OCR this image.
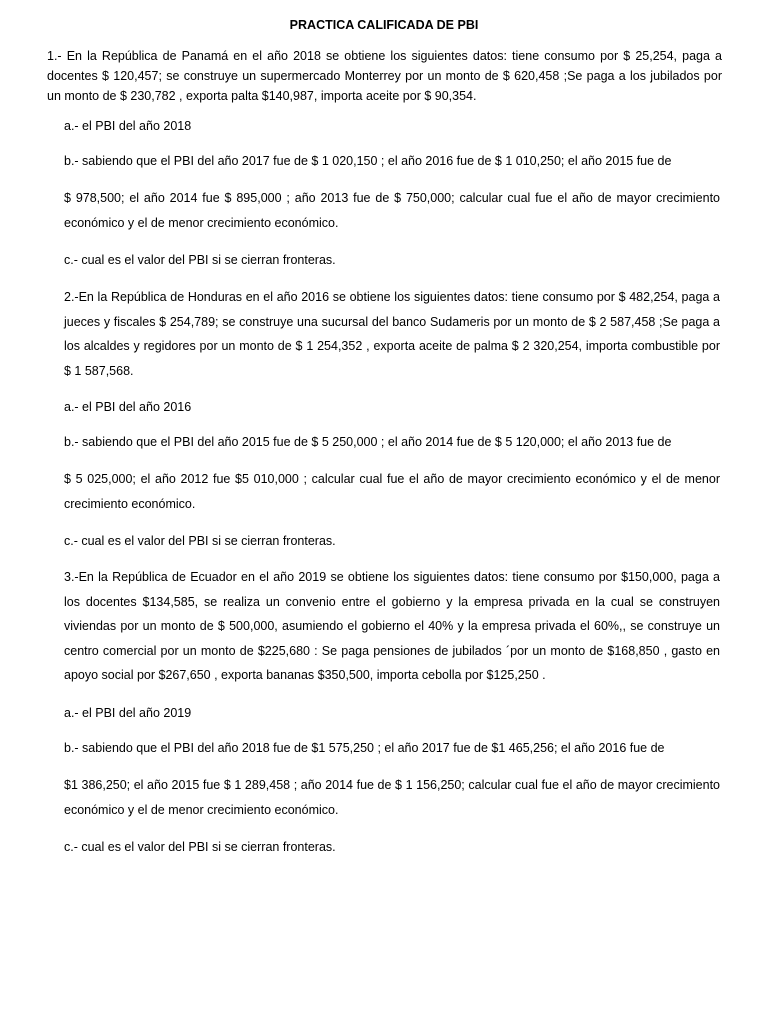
PRACTICA CALIFICADA DE PBI

1.- En la República de Panamá en el año 2018 se obtiene los siguientes datos: tiene consumo por $ 25,254, paga a docentes $ 120,457; se construye un supermercado Monterrey por un monto de $ 620,458 ;Se paga a los jubilados por un monto de $ 230,782 , exporta palta $140,987, importa aceite por $ 90,354.

a.- el PBI del año 2018
b.- sabiendo que el PBI del año 2017 fue de $ 1 020,150 ; el año 2016 fue de $ 1 010,250; el año 2015 fue de

$ 978,500; el año 2014 fue $ 895,000 ; año 2013 fue de $ 750,000; calcular cual fue el año de mayor crecimiento económico y el de menor crecimiento económico.

c.- cual es el valor del PBI si se cierran fronteras.

2.-En la República de Honduras en el año 2016 se obtiene los siguientes datos: tiene consumo por $ 482,254, paga a jueces y fiscales $ 254,789; se construye una sucursal del banco Sudameris por un monto de $ 2 587,458 ;Se paga a los alcaldes y regidores por un monto de $ 1 254,352 , exporta aceite de palma $ 2 320,254, importa combustible por $ 1 587,568.

a.- el PBI del año 2016
b.- sabiendo que el PBI del año 2015 fue de $ 5 250,000 ; el año 2014 fue de $ 5 120,000; el año 2013 fue de

$ 5 025,000; el año 2012 fue $5 010,000 ; calcular cual fue el año de mayor crecimiento económico y el de menor crecimiento económico.

c.- cual es el valor del PBI si se cierran fronteras.

3.-En la República de Ecuador en el año 2019 se obtiene los siguientes datos: tiene consumo por $150,000, paga a los docentes $134,585, se realiza un convenio entre el gobierno y la empresa privada en la cual se construyen viviendas por un monto de $ 500,000, asumiendo el gobierno el 40% y la empresa privada el 60%,, se construye un centro comercial por un monto de $225,680 : Se paga pensiones de jubilados ´por un monto de $168,850 , gasto en apoyo social por $267,650 , exporta bananas $350,500, importa cebolla por $125,250 .

a.- el PBI del año 2019
b.- sabiendo que el PBI del año 2018 fue de $1 575,250 ; el año 2017 fue de $1 465,256; el año 2016 fue de

$1 386,250; el año 2015 fue $ 1 289,458 ; año 2014 fue de $ 1 156,250; calcular cual fue el año de mayor crecimiento económico y el de menor crecimiento económico.

c.- cual es el valor del PBI si se cierran fronteras.
